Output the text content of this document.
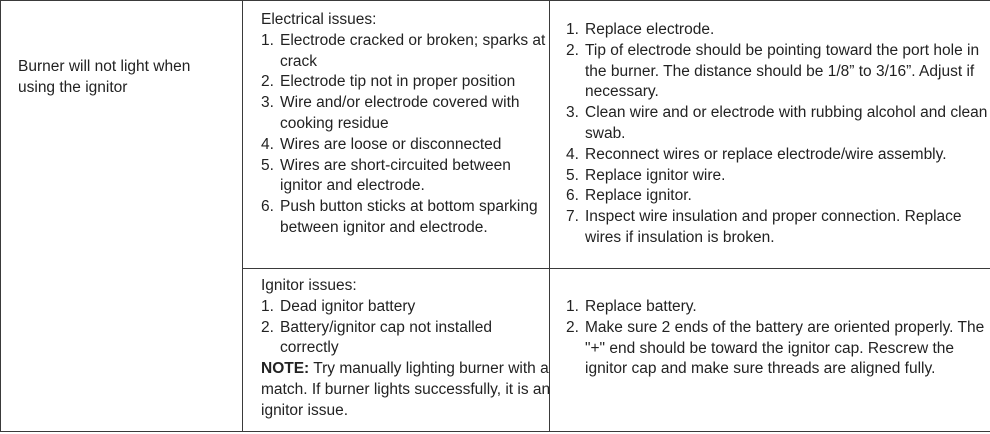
Burner will not light when
using the ignitor
Electrical issues:
1. Electrode cracked or broken; sparks at crack
2. Electrode tip not in proper position
3. Wire and/or electrode covered with cooking residue
4. Wires are loose or disconnected
5. Wires are short-circuited between ignitor and electrode.
6. Push button sticks at bottom sparking between ignitor and electrode.
1. Replace electrode.
2. Tip of electrode should be pointing toward the port hole in the burner. The distance should be 1/8” to 3/16”. Adjust if necessary.
3. Clean wire and or electrode with rubbing alcohol and clean swab.
4. Reconnect wires or replace electrode/wire assembly.
5. Replace ignitor wire.
6. Replace ignitor.
7. Inspect wire insulation and proper connection. Replace wires if insulation is broken.
Ignitor issues:
1. Dead ignitor battery
2. Battery/ignitor cap not installed correctly
NOTE: Try manually lighting burner with a match. If burner lights successfully, it is an ignitor issue.
1. Replace battery.
2. Make sure 2 ends of the battery are oriented properly. The "+" end should be toward the ignitor cap. Rescrew the ignitor cap and make sure threads are aligned fully.
